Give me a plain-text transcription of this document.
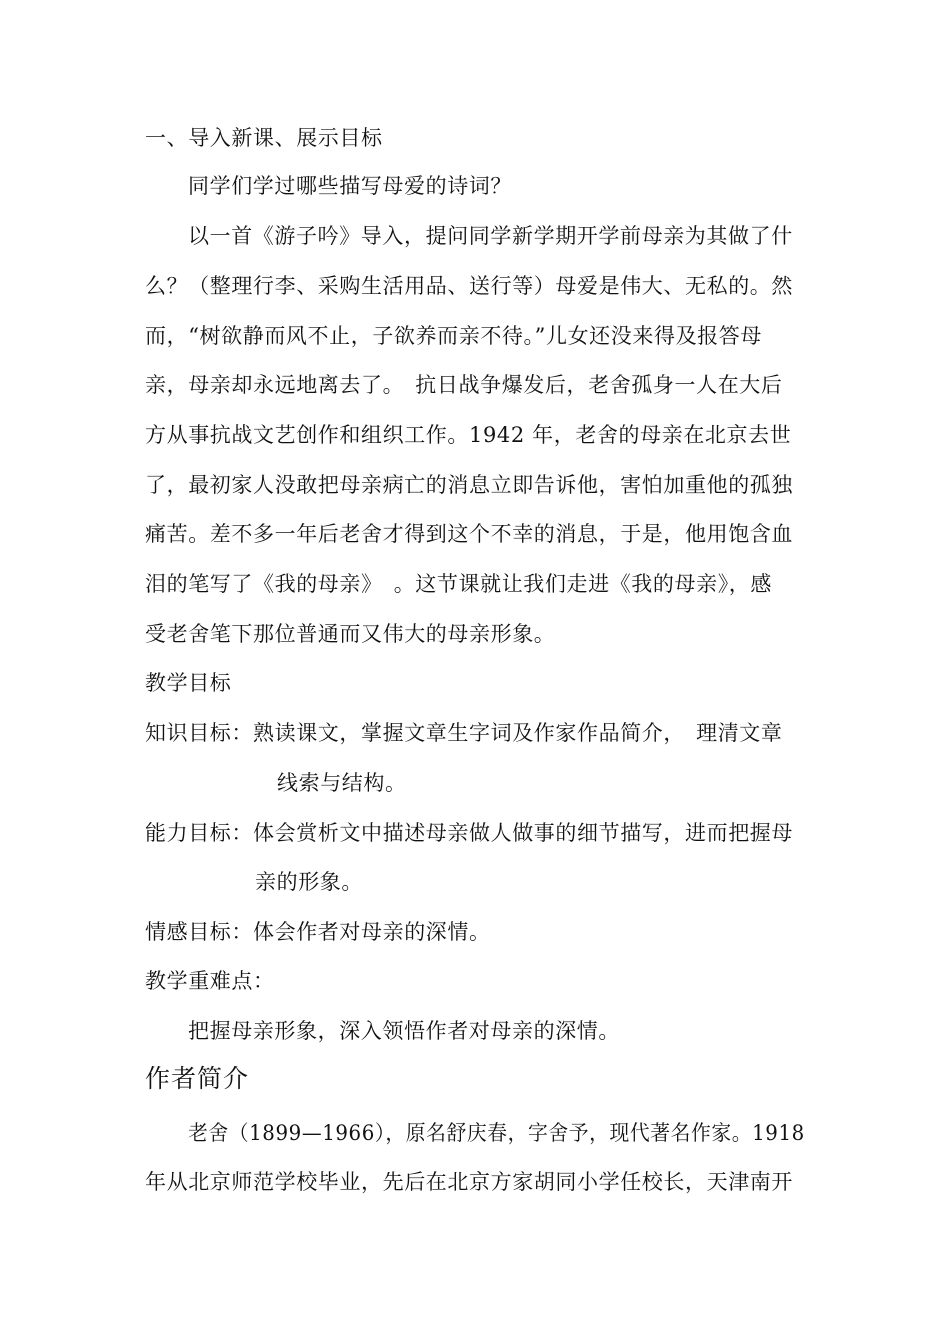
一、导入新课、展示目标
同学们学过哪些描写母爱的诗词？
以一首《游子吟》导入，提问同学新学期开学前母亲为其做了什
么？（整理行李、采购生活用品、送行等）母爱是伟大、无私的。然
而，“树欲静而风不止，子欲养而亲不待。”儿女还没来得及报答母
亲，母亲却永远地离去了。　抗日战争爆发后，老舍孤身一人在大后
方从事抗战文艺创作和组织工作。1942 年，老舍的母亲在北京去世
了，最初家人没敢把母亲病亡的消息立即告诉他，害怕加重他的孤独
痛苦。差不多一年后老舍才得到这个不幸的消息，于是，他用饱含血
泪的笔写了《我的母亲》　。这节课就让我们走进《我的母亲》，感
受老舍笔下那位普通而又伟大的母亲形象。
教学目标
知识目标：熟读课文，掌握文章生字词及作家作品简介，　理清文章
线索与结构。
能力目标：体会赏析文中描述母亲做人做事的细节描写，进而把握母
亲的形象。
情感目标：体会作者对母亲的深情。
教学重难点：
把握母亲形象，深入领悟作者对母亲的深情。
作者简介
老舍（1899—1966），原名舒庆春，字舍予，现代著名作家。1918
年从北京师范学校毕业，先后在北京方家胡同小学任校长，天津南开
